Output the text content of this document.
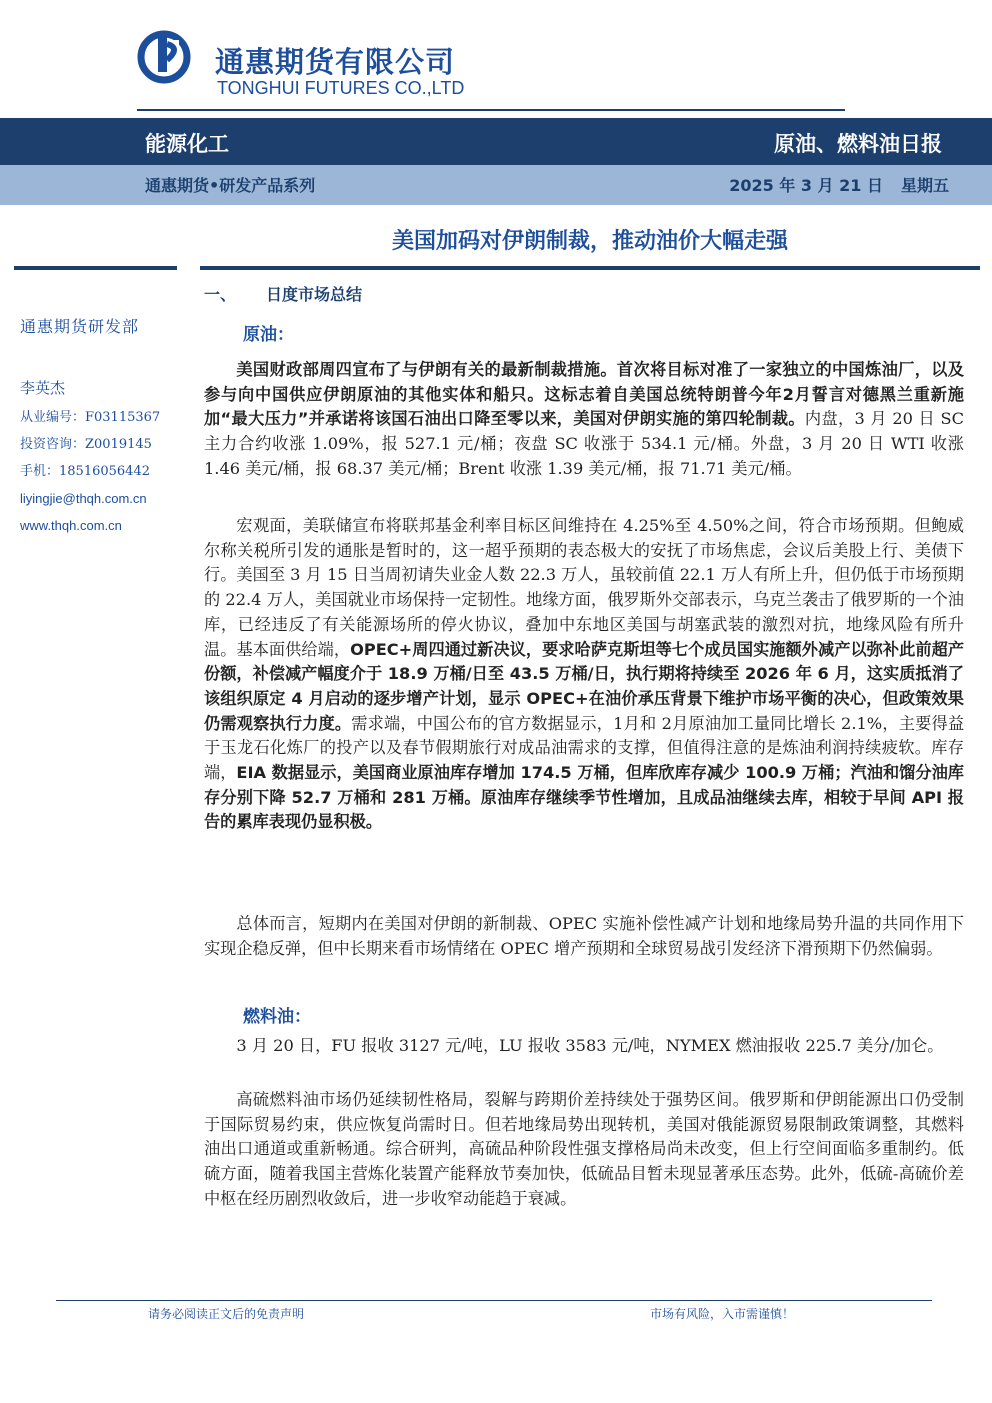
通惠期货有限公司
TONGHUI FUTURES CO.,LTD
能源化工	原油、燃料油日报
通惠期货•研发产品系列	2025 年 3 月 21 日 星期五
美国加码对伊朗制裁，推动油价大幅走强
通惠期货研发部
李英杰
从业编号：F03115367
投资咨询：Z0019145
手机：18516056442
liyingjie@thqh.com.cn
www.thqh.com.cn
一、 日度市场总结
原油：
美国财政部周四宣布了与伊朗有关的最新制裁措施。首次将目标对准了一家独立的中国炼油厂，以及参与向中国供应伊朗原油的其他实体和船只。这标志着自美国总统特朗普今年2月誓言对德黑兰重新施加“最大压力”并承诺将该国石油出口降至零以来，美国对伊朗实施的第四轮制裁。内盘，3 月 20 日 SC 主力合约收涨 1.09%，报 527.1 元/桶；夜盘 SC 收涨于 534.1 元/桶。外盘，3 月 20 日 WTI 收涨 1.46 美元/桶，报 68.37 美元/桶；Brent 收涨 1.39 美元/桶，报 71.71 美元/桶。
宏观面，美联储宣布将联邦基金利率目标区间维持在 4.25%至 4.50%之间，符合市场预期。但鲍威尔称关税所引发的通胀是暂时的，这一超乎预期的表态极大的安抚了市场焦虑，会议后美股上行、美债下行。美国至 3 月 15 日当周初请失业金人数 22.3 万人，虽较前值 22.1 万人有所上升，但仍低于市场预期的 22.4 万人，美国就业市场保持一定韧性。地缘方面，俄罗斯外交部表示，乌克兰袭击了俄罗斯的一个油库，已经违反了有关能源场所的停火协议，叠加中东地区美国与胡塞武装的激烈对抗，地缘风险有所升温。基本面供给端，OPEC+周四通过新决议，要求哈萨克斯坦等七个成员国实施额外减产以弥补此前超产份额，补偿减产幅度介于 18.9 万桶/日至 43.5 万桶/日，执行期将持续至 2026 年 6 月，这实质抵消了该组织原定 4 月启动的逐步增产计划，显示 OPEC+在油价承压背景下维护市场平衡的决心，但政策效果仍需观察执行力度。需求端，中国公布的官方数据显示，1月和 2月原油加工量同比增长 2.1%，主要得益于玉龙石化炼厂的投产以及春节假期旅行对成品油需求的支撑，但值得注意的是炼油利润持续疲软。库存端，EIA 数据显示，美国商业原油库存增加 174.5 万桶，但库欣库存减少 100.9 万桶；汽油和馏分油库存分别下降 52.7 万桶和 281 万桶。原油库存继续季节性增加，且成品油继续去库，相较于早间 API 报告的累库表现仍显积极。
总体而言，短期内在美国对伊朗的新制裁、OPEC 实施补偿性减产计划和地缘局势升温的共同作用下实现企稳反弹，但中长期来看市场情绪在 OPEC 增产预期和全球贸易战引发经济下滑预期下仍然偏弱。
燃料油：
3 月 20 日，FU 报收 3127 元/吨，LU 报收 3583 元/吨，NYMEX 燃油报收 225.7 美分/加仑。
高硫燃料油市场仍延续韧性格局，裂解与跨期价差持续处于强势区间。俄罗斯和伊朗能源出口仍受制于国际贸易约束，供应恢复尚需时日。但若地缘局势出现转机，美国对俄能源贸易限制政策调整，其燃料油出口通道或重新畅通。综合研判，高硫品种阶段性强支撑格局尚未改变，但上行空间面临多重制约。低硫方面，随着我国主营炼化装置产能释放节奏加快，低硫品目暂未现显著承压态势。此外，低硫-高硫价差中枢在经历剧烈收敛后，进一步收窄动能趋于衰减。
请务必阅读正文后的免责声明	市场有风险，入市需谨慎！
